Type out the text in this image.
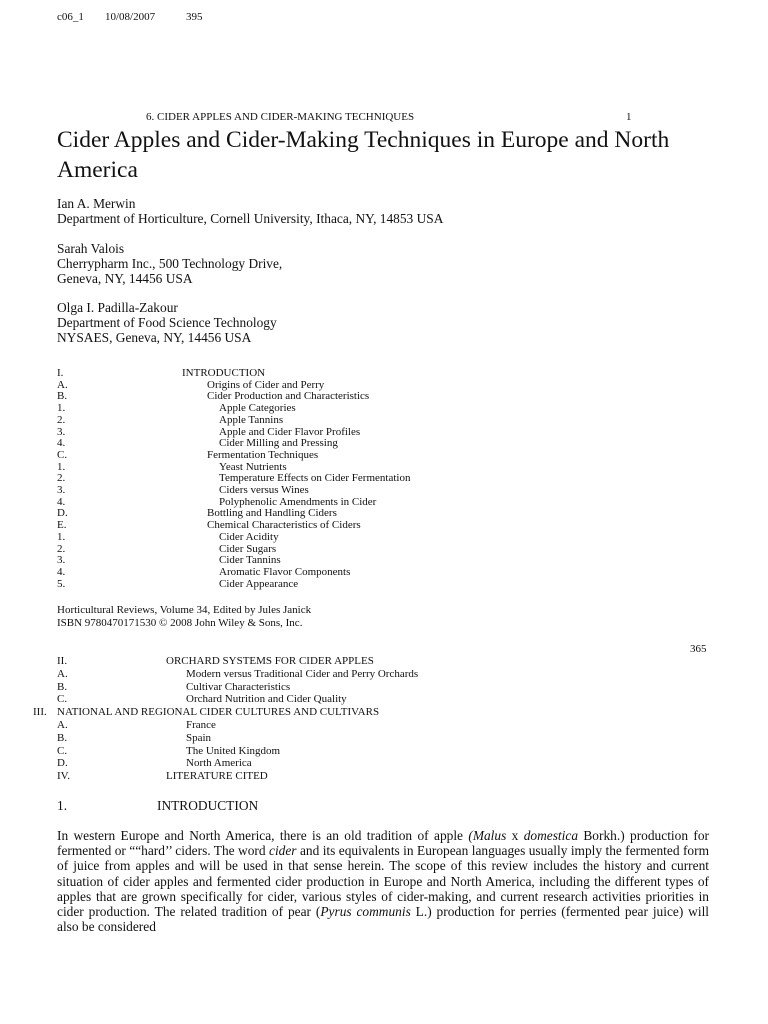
c06_1 10/08/2007	395
6. CIDER APPLES AND CIDER-MAKING TECHNIQUES	1
Cider Apples and Cider-Making Techniques in Europe and North America
Ian A. Merwin
Department of Horticulture, Cornell University, Ithaca, NY, 14853 USA
Sarah Valois
Cherrypharm Inc., 500 Technology Drive,
Geneva, NY, 14456 USA
Olga I. Padilla-Zakour
Department of Food Science Technology
NYSAES, Geneva, NY, 14456 USA
I.	INTRODUCTION
A.	Origins of Cider and Perry
B.	Cider Production and Characteristics
1.	Apple Categories
2.	Apple Tannins
3.	Apple and Cider Flavor Profiles
4.	Cider Milling and Pressing
C.	Fermentation Techniques
1.	Yeast Nutrients
2.	Temperature Effects on Cider Fermentation
3.	Ciders versus Wines
4.	Polyphenolic Amendments in Cider
D.	Bottling and Handling Ciders
E.	Chemical Characteristics of Ciders
1.	Cider Acidity
2.	Cider Sugars
3.	Cider Tannins
4.	Aromatic Flavor Components
5.	Cider Appearance
Horticultural Reviews, Volume 34, Edited by Jules Janick
ISBN 9780470171530 © 2008 John Wiley & Sons, Inc.
365
II.	ORCHARD SYSTEMS FOR CIDER APPLES
A.	Modern versus Traditional Cider and Perry Orchards
B.	Cultivar Characteristics
C.	Orchard Nutrition and Cider Quality
III. NATIONAL AND REGIONAL CIDER CULTURES AND CULTIVARS
A.	France
B.	Spain
C.	The United Kingdom
D.	North America
IV.	LITERATURE CITED
1.	INTRODUCTION

In western Europe and North America, there is an old tradition of apple (Malus x domestica Borkh.) production for fermented or ““hard’’ ciders. The word cider and its equivalents in European languages usually imply the fermented form of juice from apples and will be used in that sense herein. The scope of this review includes the history and current situation of cider apples and fermented cider production in Europe and North America, including the different types of apples that are grown specifically for cider, various styles of cider-making, and current research activities priorities in cider production. The related tradition of pear (Pyrus communis L.) production for perries (fermented pear juice) will also be considered
